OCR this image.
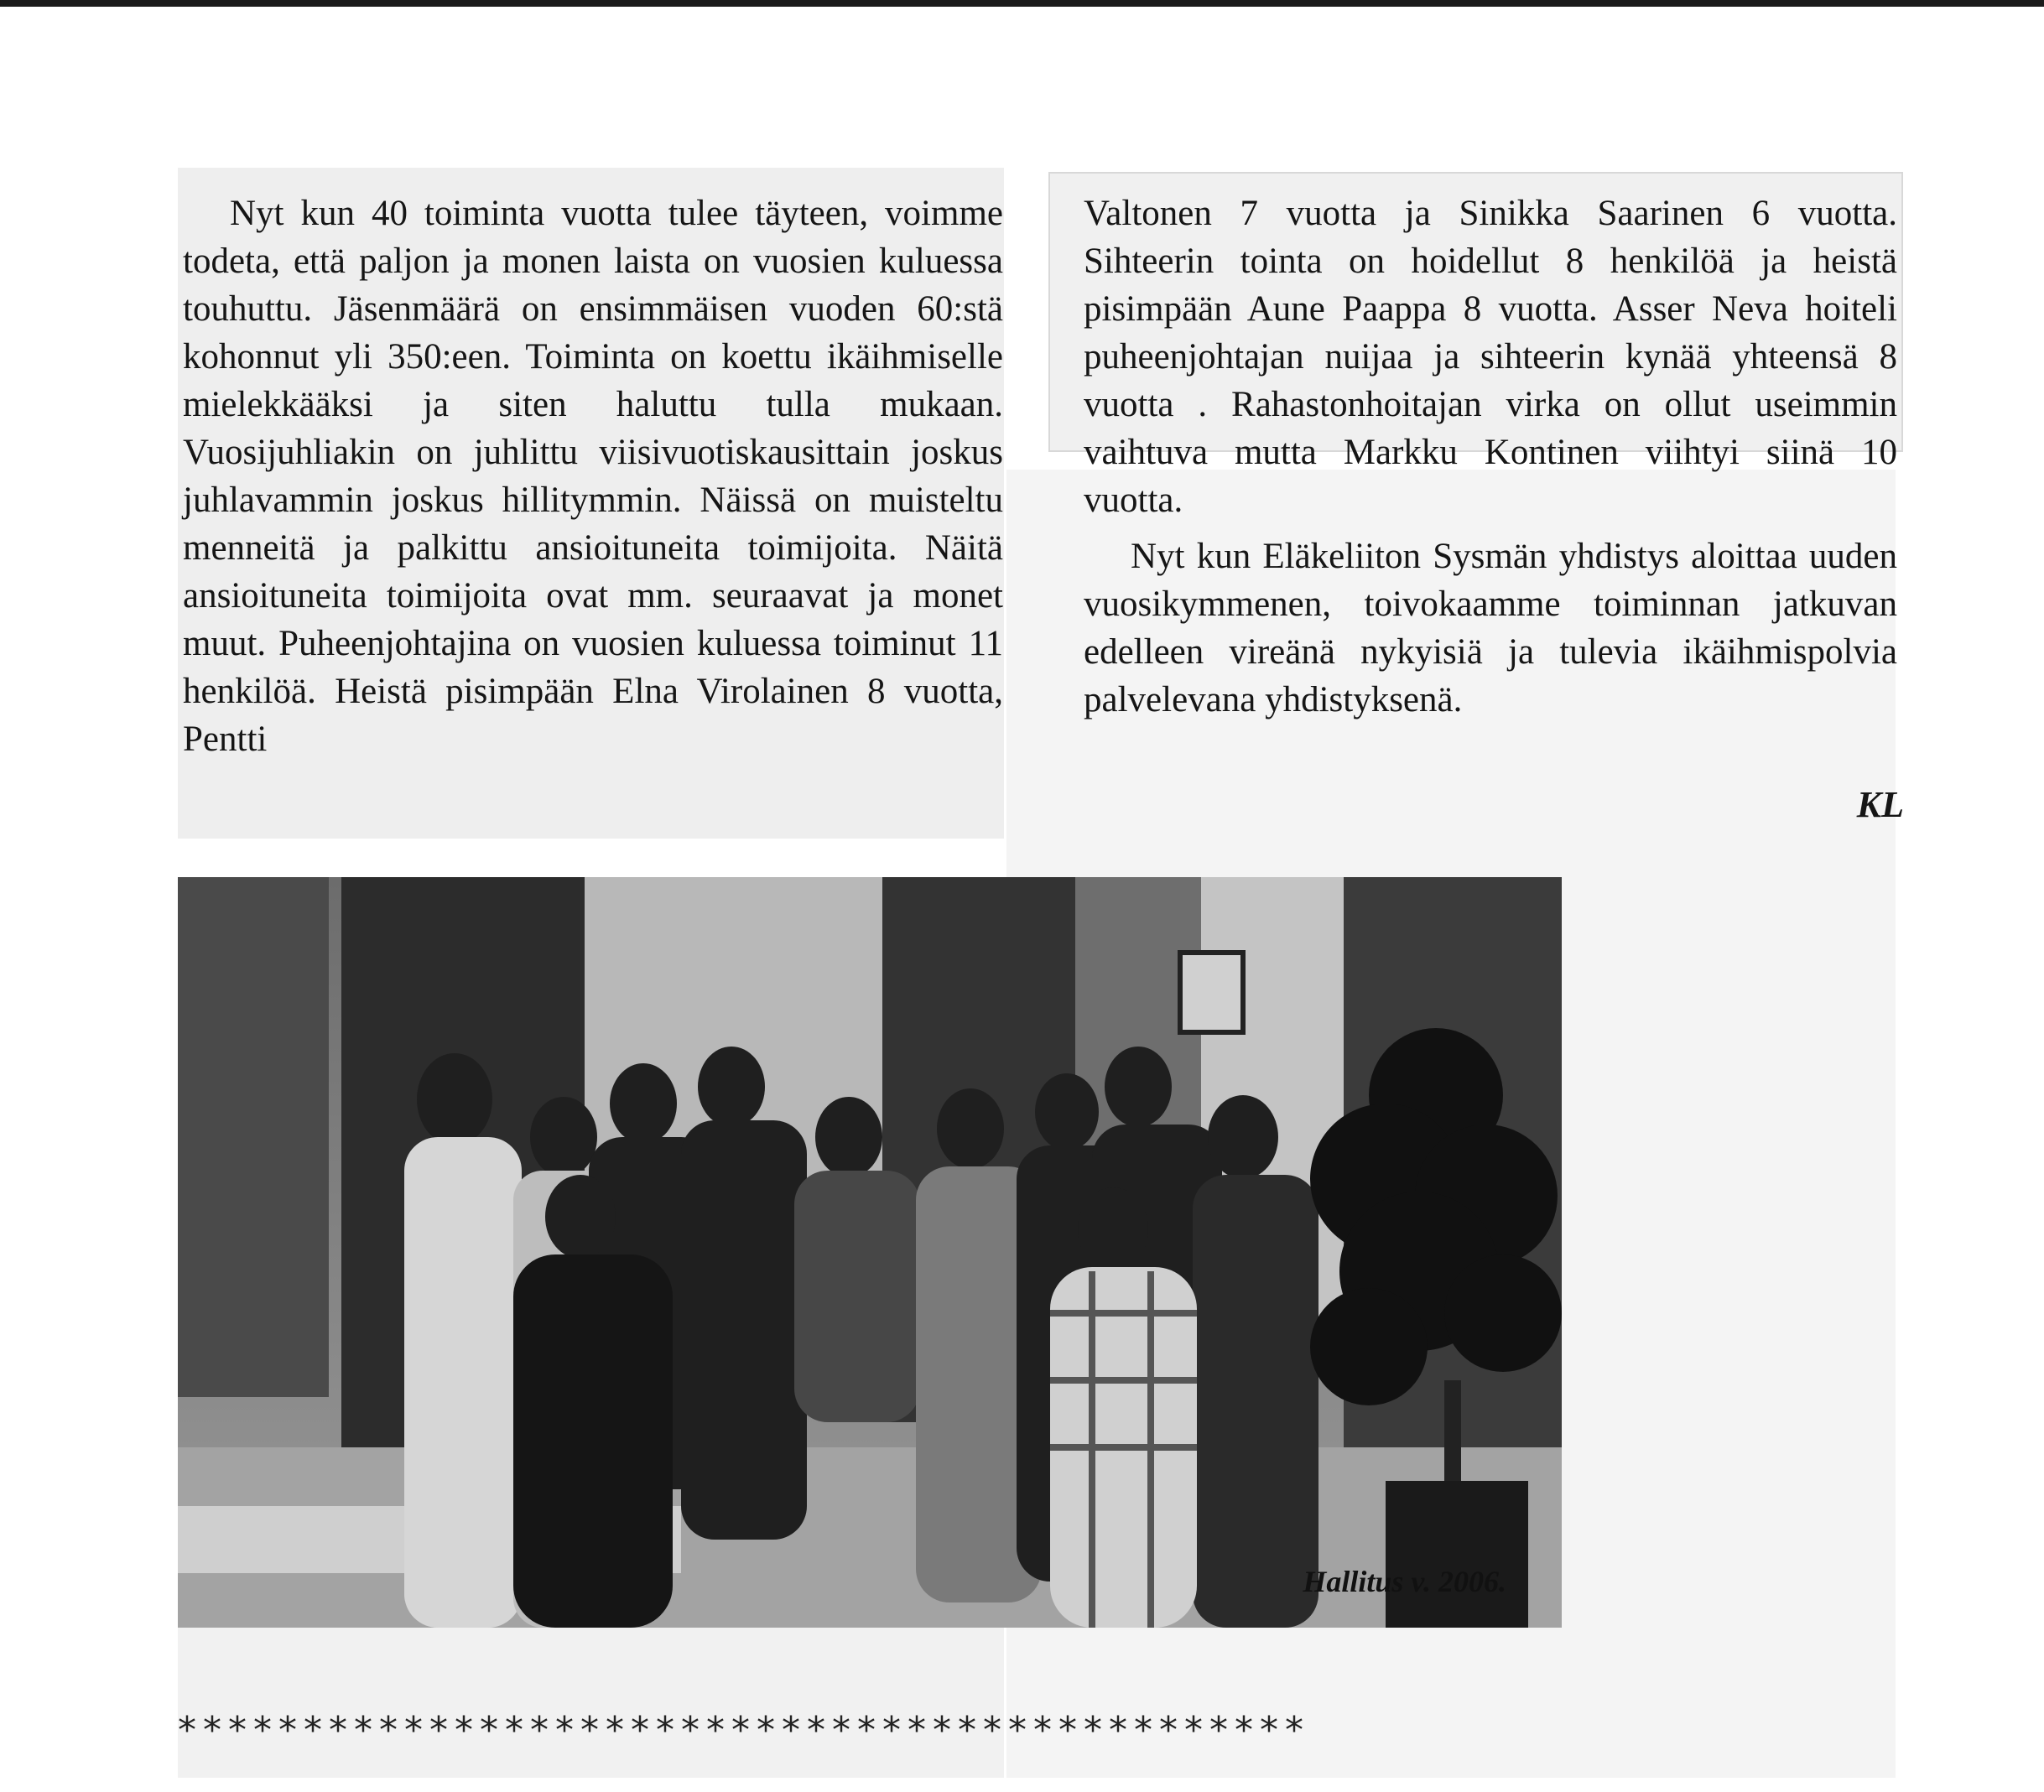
Nyt kun 40 toiminta vuotta tulee täyteen, voimme todeta, että paljon ja monen laista on vuosien kuluessa touhuttu. Jäsenmäärä on ensimmäisen vuoden 60:stä kohonnut yli 350:een. Toiminta on koettu ikäihmiselle mielekkääksi ja siten haluttu tulla mukaan. Vuosijuhliakin on juhlittu viisivuotiskausittain joskus juhlavammin joskus hillitymmin. Näissä on muisteltu menneitä ja palkittu ansioituneita toimijoita. Näitä ansioituneita toimijoita ovat mm. seuraavat ja monet muut. Puheenjohtajina on vuosien kuluessa toiminut 11 henkilöä. Heistä pisimpään Elna Virolainen 8 vuotta, Pentti

Valtonen 7 vuotta ja Sinikka Saarinen 6 vuotta. Sihteerin tointa on hoidellut 8 henkilöä ja heistä pisimpään Aune Paappa 8 vuotta. Asser Neva hoiteli puheenjohtajan nuijaa ja sihteerin kynää yhteensä 8 vuotta . Rahastonhoitajan virka on ollut useimmin vaihtuva mutta Markku Kontinen viihtyi siinä 10 vuotta.

Nyt kun Eläkeliiton Sysmän yhdistys aloittaa uuden vuosikymmenen, toivokaamme toiminnan jatkuvan edelleen vireänä nykyisiä ja tulevia ikäihmispolvia palvelevana yhdistyksenä.

KL
Hallitus v. 2006.
*********************************************
